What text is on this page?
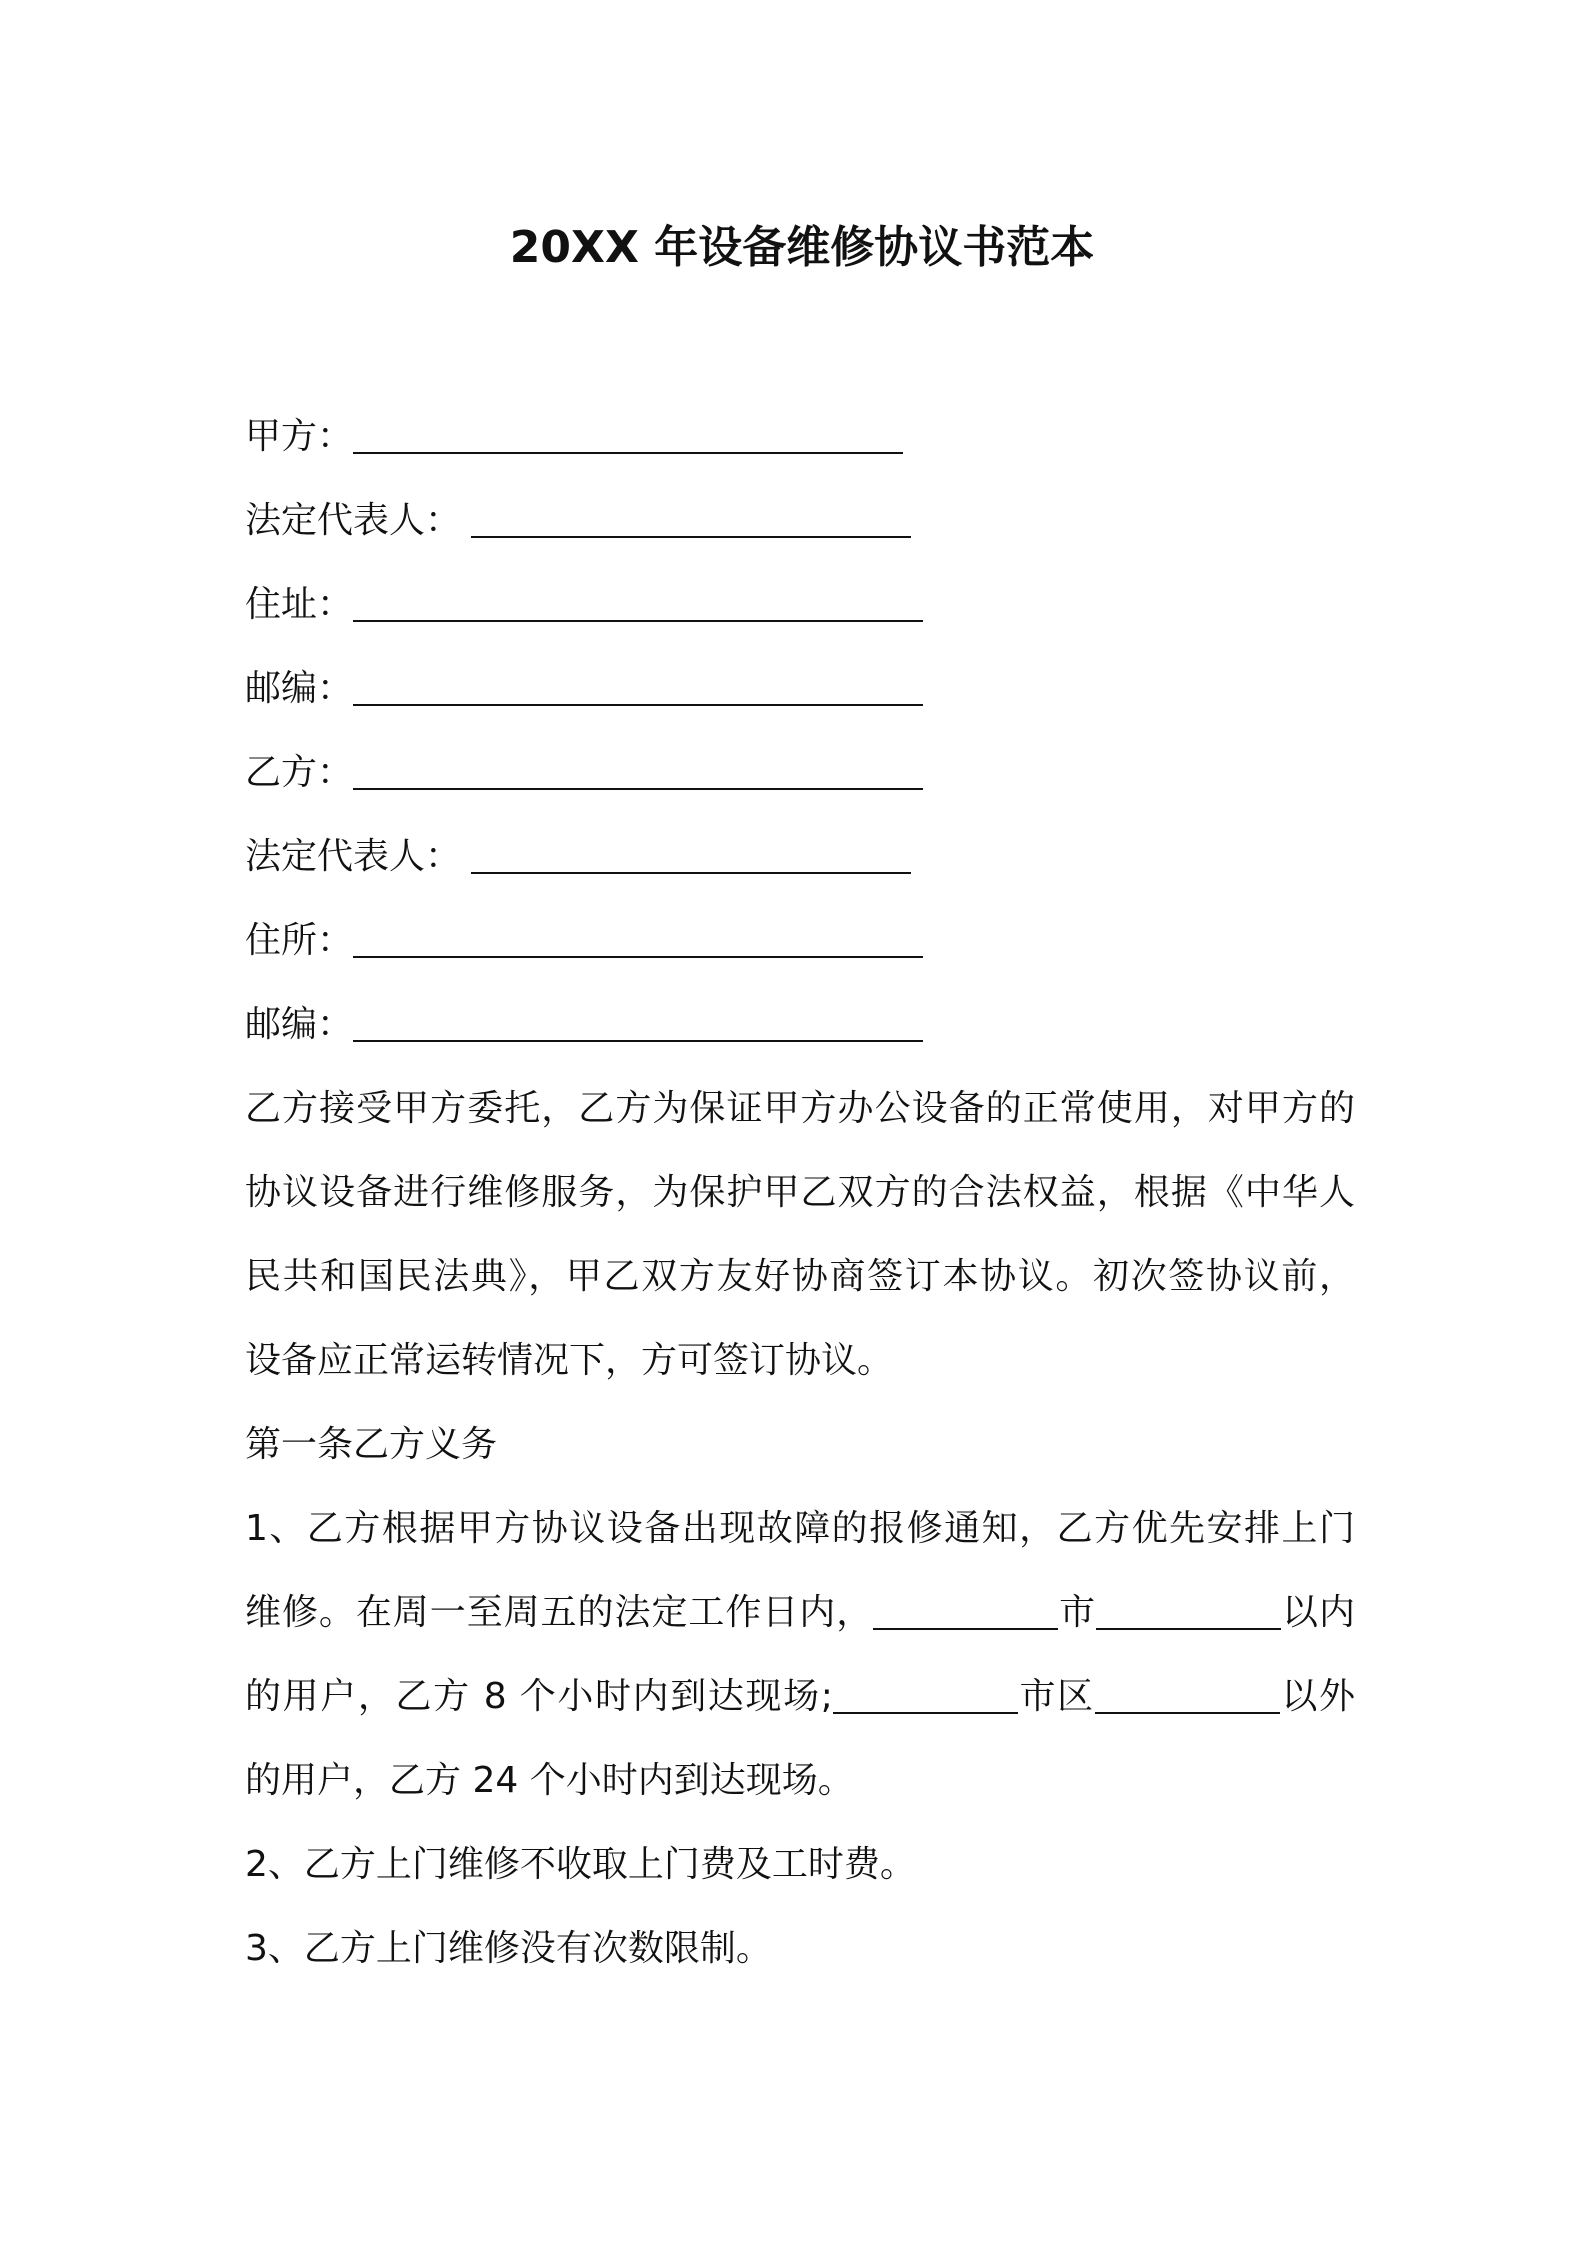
20XX 年设备维修协议书范本
甲方：
法定代表人：
住址：
邮编：
乙方：
法定代表人：
住所：
邮编：
乙方接受甲方委托，乙方为保证甲方办公设备的正常使用，对甲方的
协议设备进行维修服务，为保护甲乙双方的合法权益，根据《中华人
民共和国民法典》，甲乙双方友好协商签订本协议。初次签协议前，
设备应正常运转情况下，方可签订协议。
第一条乙方义务
1、乙方根据甲方协议设备出现故障的报修通知，乙方优先安排上门
维修。在周一至周五的法定工作日内，	市	以内
的用户，乙方 8 个小时内到达现场;	市区	以外
的用户，乙方 24 个小时内到达现场。
2、乙方上门维修不收取上门费及工时费。
3、乙方上门维修没有次数限制。
